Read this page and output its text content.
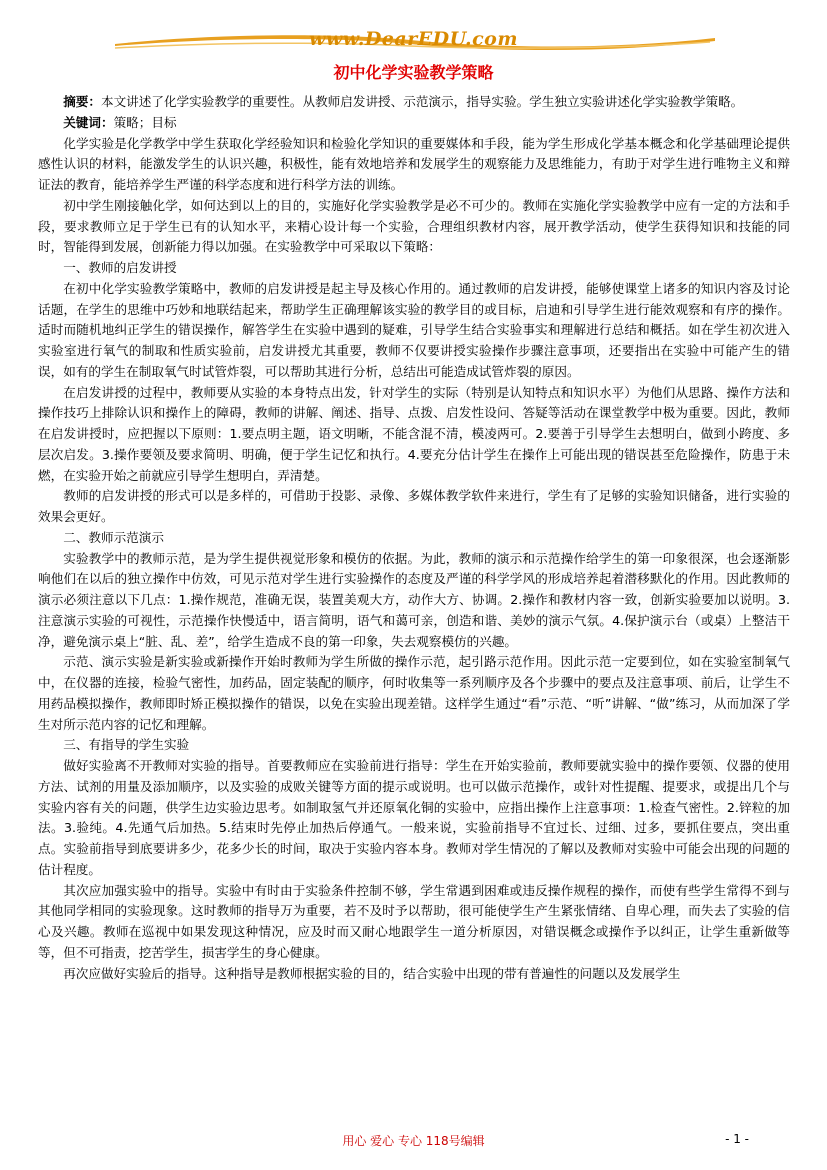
www.DearEDU.com
初中化学实验教学策略

摘要：本文讲述了化学实验教学的重要性。从教师启发讲授、示范演示，指导实验。学生独立实验讲述化学实验教学策略。

关键词：策略；目标

化学实验是化学教学中学生获取化学经验知识和检验化学知识的重要媒体和手段，能为学生形成化学基本概念和化学基础理论提供感性认识的材料，能激发学生的认识兴趣，积极性，能有效地培养和发展学生的观察能力及思维能力，有助于对学生进行唯物主义和辩证法的教育，能培养学生严谨的科学态度和进行科学方法的训练。

初中学生刚接触化学，如何达到以上的目的，实施好化学实验教学是必不可少的。教师在实施化学实验教学中应有一定的方法和手段，要求教师立足于学生已有的认知水平，来精心设计每一个实验，合理组织教材内容，展开教学活动，使学生获得知识和技能的同时，智能得到发展，创新能力得以加强。在实验教学中可采取以下策略：

一、教师的启发讲授

在初中化学实验教学策略中，教师的启发讲授是起主导及核心作用的。通过教师的启发讲授，能够使课堂上诸多的知识内容及讨论话题，在学生的思维中巧妙和地联结起来，帮助学生正确理解该实验的教学目的或目标，启迪和引导学生进行能效观察和有序的操作。适时而随机地纠正学生的错误操作，解答学生在实验中遇到的疑难，引导学生结合实验事实和理解进行总结和概括。如在学生初次进入实验室进行氧气的制取和性质实验前，启发讲授尤其重要，教师不仅要讲授实验操作步骤注意事项，还要指出在实验中可能产生的错误，如有的学生在制取氧气时试管炸裂，可以帮助其进行分析，总结出可能造成试管炸裂的原因。

在启发讲授的过程中，教师要从实验的本身特点出发，针对学生的实际（特别是认知特点和知识水平）为他们从思路、操作方法和操作技巧上排除认识和操作上的障碍，教师的讲解、阐述、指导、点拨、启发性设问、答疑等活动在课堂教学中极为重要。因此，教师在启发讲授时，应把握以下原则：1.要点明主题，语文明晰，不能含混不清，模凌两可。2.要善于引导学生去想明白，做到小跨度、多层次启发。3.操作要领及要求简明、明确，便于学生记忆和执行。4.要充分估计学生在操作上可能出现的错误甚至危险操作，防患于未燃，在实验开始之前就应引导学生想明白，弄清楚。

教师的启发讲授的形式可以是多样的，可借助于投影、录像、多媒体教学软件来进行，学生有了足够的实验知识储备，进行实验的效果会更好。

二、教师示范演示

实验教学中的教师示范，是为学生提供视觉形象和模仿的依据。为此，教师的演示和示范操作给学生的第一印象很深，也会逐渐影响他们在以后的独立操作中仿效，可见示范对学生进行实验操作的态度及严谨的科学学风的形成培养起着潜移默化的作用。因此教师的演示必须注意以下几点：1.操作规范，准确无误，装置美观大方，动作大方、协调。2.操作和教材内容一致，创新实验要加以说明。3.注意演示实验的可视性，示范操作快慢适中，语言简明，语气和蔼可亲，创造和谐、美妙的演示气氛。4.保护演示台（或桌）上整洁干净，避免演示桌上“脏、乱、差”，给学生造成不良的第一印象，失去观察模仿的兴趣。

示范、演示实验是新实验或新操作开始时教师为学生所做的操作示范，起引路示范作用。因此示范一定要到位，如在实验室制氧气中，在仪器的连接，检验气密性，加药品，固定装配的顺序，何时收集等一系列顺序及各个步骤中的要点及注意事项、前后，让学生不用药品模拟操作，教师即时矫正模拟操作的错误，以免在实验出现差错。这样学生通过“看”示范、“听”讲解、“做”练习，从而加深了学生对所示范内容的记忆和理解。

三、有指导的学生实验

做好实验离不开教师对实验的指导。首要教师应在实验前进行指导：学生在开始实验前，教师要就实验中的操作要领、仪器的使用方法、试剂的用量及添加顺序，以及实验的成败关键等方面的提示或说明。也可以做示范操作，或针对性提醒、提要求，或提出几个与实验内容有关的问题，供学生边实验边思考。如制取氢气并还原氧化铜的实验中，应指出操作上注意事项：1.检查气密性。2.锌粒的加法。3.验纯。4.先通气后加热。5.结束时先停止加热后停通气。一般来说，实验前指导不宜过长、过细、过多，要抓住要点，突出重点。实验前指导到底要讲多少，花多少长的时间，取决于实验内容本身。教师对学生情况的了解以及教师对实验中可能会出现的问题的估计程度。

其次应加强实验中的指导。实验中有时由于实验条件控制不够，学生常遇到困难或违反操作规程的操作，而使有些学生常得不到与其他同学相同的实验现象。这时教师的指导万为重要，若不及时予以帮助，很可能使学生产生紧张情绪、自卑心理，而失去了实验的信心及兴趣。教师在巡视中如果发现这种情况，应及时而又耐心地跟学生一道分析原因，对错误概念或操作予以纠正，让学生重新做等等，但不可指责，挖苦学生，损害学生的身心健康。

再次应做好实验后的指导。这种指导是教师根据实验的目的，结合实验中出现的带有普遍性的问题以及发展学生

用心 爱心 专心 118号编辑	- 1 -
